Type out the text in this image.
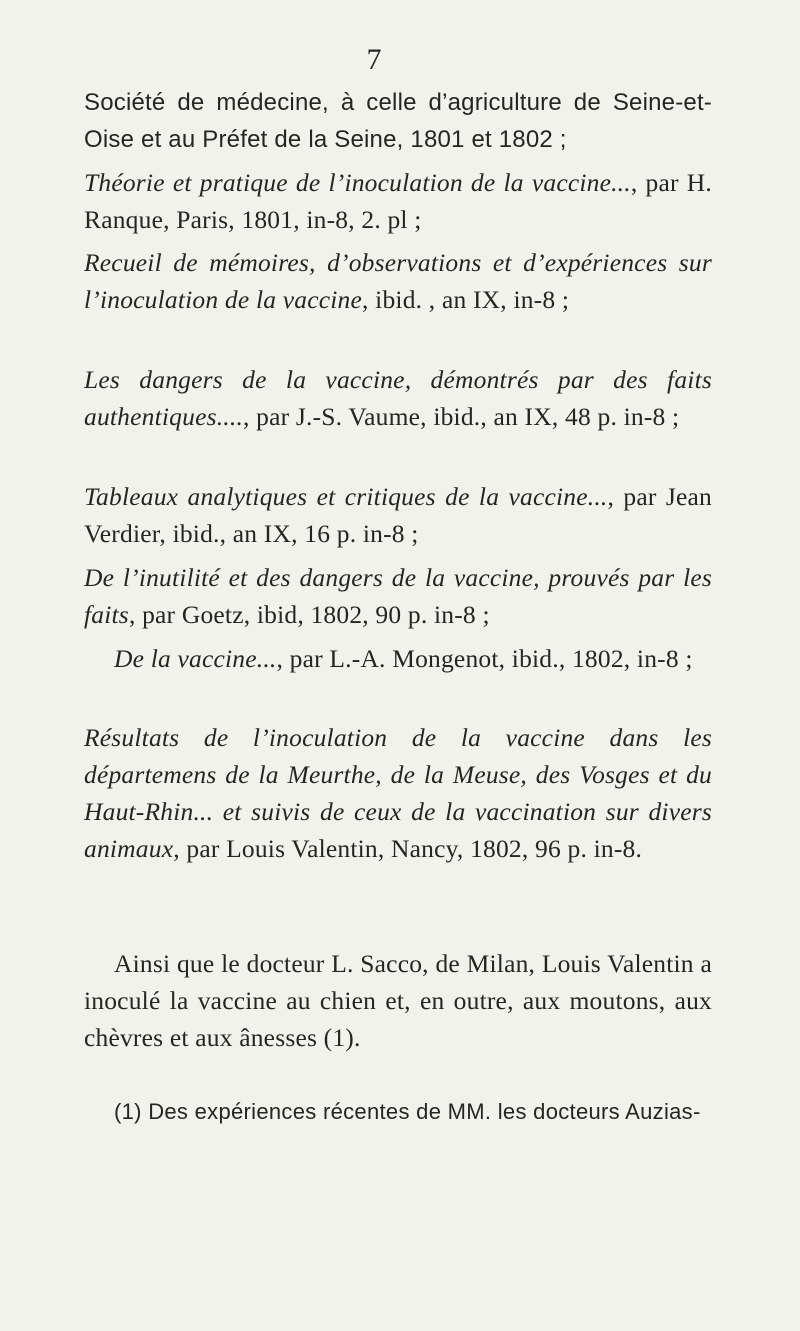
7

Société de médecine, à celle d’agriculture de Seine-et-Oise et au Préfet de la Seine, 1801 et 1802 ;

Théorie et pratique de l’inoculation de la vaccine..., par H. Ranque, Paris, 1801, in-8, 2. pl ;

Recueil de mémoires, d’observations et d’expériences sur l’inoculation de la vaccine, ibid. , an IX, in-8 ;

Les dangers de la vaccine, démontrés par des faits authentiques...., par J.-S. Vaume, ibid., an IX, 48 p. in-8 ;

Tableaux analytiques et critiques de la vaccine..., par Jean Verdier, ibid., an IX, 16 p. in-8 ;

De l’inutilité et des dangers de la vaccine, prouvés par les faits, par Goetz, ibid, 1802, 90 p. in-8 ;

De la vaccine..., par L.-A. Mongenot, ibid., 1802, in-8 ;

Résultats de l’inoculation de la vaccine dans les départemens de la Meurthe, de la Meuse, des Vosges et du Haut-Rhin... et suivis de ceux de la vaccination sur divers animaux, par Louis Valentin, Nancy, 1802, 96 p. in-8.

Ainsi que le docteur L. Sacco, de Milan, Louis Valentin a inoculé la vaccine au chien et, en outre, aux moutons, aux chèvres et aux ânesses (1).

(1) Des expériences récentes de MM. les docteurs Auzias-
